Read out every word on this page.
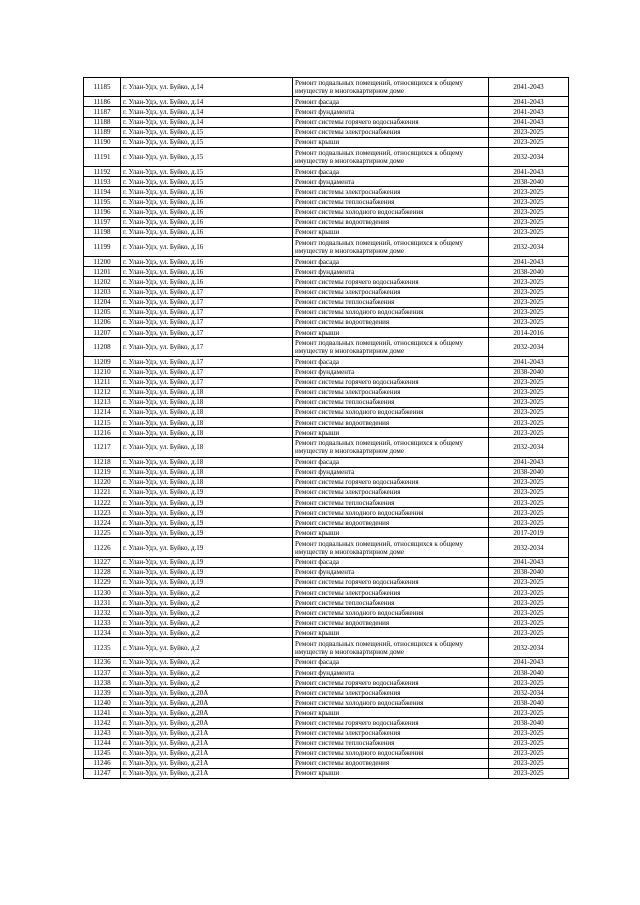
11185	г. Улан-Удэ, ул. Буйко, д.14	Ремонт подвальных помещений, относящихся к общему имуществу в многоквартирном доме	2041-2043
11186	г. Улан-Удэ, ул. Буйко, д.14	Ремонт фасада	2041-2043
11187	г. Улан-Удэ, ул. Буйко, д.14	Ремонт фундамента	2041-2043
11188	г. Улан-Удэ, ул. Буйко, д.14	Ремонт системы горячего водоснабжения	2041-2043
11189	г. Улан-Удэ, ул. Буйко, д.15	Ремонт системы электроснабжения	2023-2025
11190	г. Улан-Удэ, ул. Буйко, д.15	Ремонт крыши	2023-2025
11191	г. Улан-Удэ, ул. Буйко, д.15	Ремонт подвальных помещений, относящихся к общему имуществу в многоквартирном доме	2032-2034
11192	г. Улан-Удэ, ул. Буйко, д.15	Ремонт фасада	2041-2043
11193	г. Улан-Удэ, ул. Буйко, д.15	Ремонт фундамента	2038-2040
11194	г. Улан-Удэ, ул. Буйко, д.16	Ремонт системы электроснабжения	2023-2025
11195	г. Улан-Удэ, ул. Буйко, д.16	Ремонт системы теплоснабжения	2023-2025
11196	г. Улан-Удэ, ул. Буйко, д.16	Ремонт системы холодного водоснабжения	2023-2025
11197	г. Улан-Удэ, ул. Буйко, д.16	Ремонт системы водоотведения	2023-2025
11198	г. Улан-Удэ, ул. Буйко, д.16	Ремонт крыши	2023-2025
11199	г. Улан-Удэ, ул. Буйко, д.16	Ремонт подвальных помещений, относящихся к общему имуществу в многоквартирном доме	2032-2034
11200	г. Улан-Удэ, ул. Буйко, д.16	Ремонт фасада	2041-2043
11201	г. Улан-Удэ, ул. Буйко, д.16	Ремонт фундамента	2038-2040
11202	г. Улан-Удэ, ул. Буйко, д.16	Ремонт системы горячего водоснабжения	2023-2025
11203	г. Улан-Удэ, ул. Буйко, д.17	Ремонт системы электроснабжения	2023-2025
11204	г. Улан-Удэ, ул. Буйко, д.17	Ремонт системы теплоснабжения	2023-2025
11205	г. Улан-Удэ, ул. Буйко, д.17	Ремонт системы холодного водоснабжения	2023-2025
11206	г. Улан-Удэ, ул. Буйко, д.17	Ремонт системы водоотведения	2023-2025
11207	г. Улан-Удэ, ул. Буйко, д.17	Ремонт крыши	2014-2016
11208	г. Улан-Удэ, ул. Буйко, д.17	Ремонт подвальных помещений, относящихся к общему имуществу в многоквартирном доме	2032-2034
11209	г. Улан-Удэ, ул. Буйко, д.17	Ремонт фасада	2041-2043
11210	г. Улан-Удэ, ул. Буйко, д.17	Ремонт фундамента	2038-2040
11211	г. Улан-Удэ, ул. Буйко, д.17	Ремонт системы горячего водоснабжения	2023-2025
11212	г. Улан-Удэ, ул. Буйко, д.18	Ремонт системы электроснабжения	2023-2025
11213	г. Улан-Удэ, ул. Буйко, д.18	Ремонт системы теплоснабжения	2023-2025
11214	г. Улан-Удэ, ул. Буйко, д.18	Ремонт системы холодного водоснабжения	2023-2025
11215	г. Улан-Удэ, ул. Буйко, д.18	Ремонт системы водоотведения	2023-2025
11216	г. Улан-Удэ, ул. Буйко, д.18	Ремонт крыши	2023-2025
11217	г. Улан-Удэ, ул. Буйко, д.18	Ремонт подвальных помещений, относящихся к общему имуществу в многоквартирном доме	2032-2034
11218	г. Улан-Удэ, ул. Буйко, д.18	Ремонт фасада	2041-2043
11219	г. Улан-Удэ, ул. Буйко, д.18	Ремонт фундамента	2038-2040
11220	г. Улан-Удэ, ул. Буйко, д.18	Ремонт системы горячего водоснабжения	2023-2025
11221	г. Улан-Удэ, ул. Буйко, д.19	Ремонт системы электроснабжения	2023-2025
11222	г. Улан-Удэ, ул. Буйко, д.19	Ремонт системы теплоснабжения	2023-2025
11223	г. Улан-Удэ, ул. Буйко, д.19	Ремонт системы холодного водоснабжения	2023-2025
11224	г. Улан-Удэ, ул. Буйко, д.19	Ремонт системы водоотведения	2023-2025
11225	г. Улан-Удэ, ул. Буйко, д.19	Ремонт крыши	2017-2019
11226	г. Улан-Удэ, ул. Буйко, д.19	Ремонт подвальных помещений, относящихся к общему имуществу в многоквартирном доме	2032-2034
11227	г. Улан-Удэ, ул. Буйко, д.19	Ремонт фасада	2041-2043
11228	г. Улан-Удэ, ул. Буйко, д.19	Ремонт фундамента	2038-2040
11229	г. Улан-Удэ, ул. Буйко, д.19	Ремонт системы горячего водоснабжения	2023-2025
11230	г. Улан-Удэ, ул. Буйко, д.2	Ремонт системы электроснабжения	2023-2025
11231	г. Улан-Удэ, ул. Буйко, д.2	Ремонт системы теплоснабжения	2023-2025
11232	г. Улан-Удэ, ул. Буйко, д.2	Ремонт системы холодного водоснабжения	2023-2025
11233	г. Улан-Удэ, ул. Буйко, д.2	Ремонт системы водоотведения	2023-2025
11234	г. Улан-Удэ, ул. Буйко, д.2	Ремонт крыши	2023-2025
11235	г. Улан-Удэ, ул. Буйко, д.2	Ремонт подвальных помещений, относящихся к общему имуществу в многоквартирном доме	2032-2034
11236	г. Улан-Удэ, ул. Буйко, д.2	Ремонт фасада	2041-2043
11237	г. Улан-Удэ, ул. Буйко, д.2	Ремонт фундамента	2038-2040
11238	г. Улан-Удэ, ул. Буйко, д.2	Ремонт системы горячего водоснабжения	2023-2025
11239	г. Улан-Удэ, ул. Буйко, д.20А	Ремонт системы электроснабжения	2032-2034
11240	г. Улан-Удэ, ул. Буйко, д.20А	Ремонт системы холодного водоснабжения	2038-2040
11241	г. Улан-Удэ, ул. Буйко, д.20А	Ремонт крыши	2023-2025
11242	г. Улан-Удэ, ул. Буйко, д.20А	Ремонт системы горячего водоснабжения	2038-2040
11243	г. Улан-Удэ, ул. Буйко, д.21А	Ремонт системы электроснабжения	2023-2025
11244	г. Улан-Удэ, ул. Буйко, д.21А	Ремонт системы теплоснабжения	2023-2025
11245	г. Улан-Удэ, ул. Буйко, д.21А	Ремонт системы холодного водоснабжения	2023-2025
11246	г. Улан-Удэ, ул. Буйко, д.21А	Ремонт системы водоотведения	2023-2025
11247	г. Улан-Удэ, ул. Буйко, д.21А	Ремонт крыши	2023-2025
